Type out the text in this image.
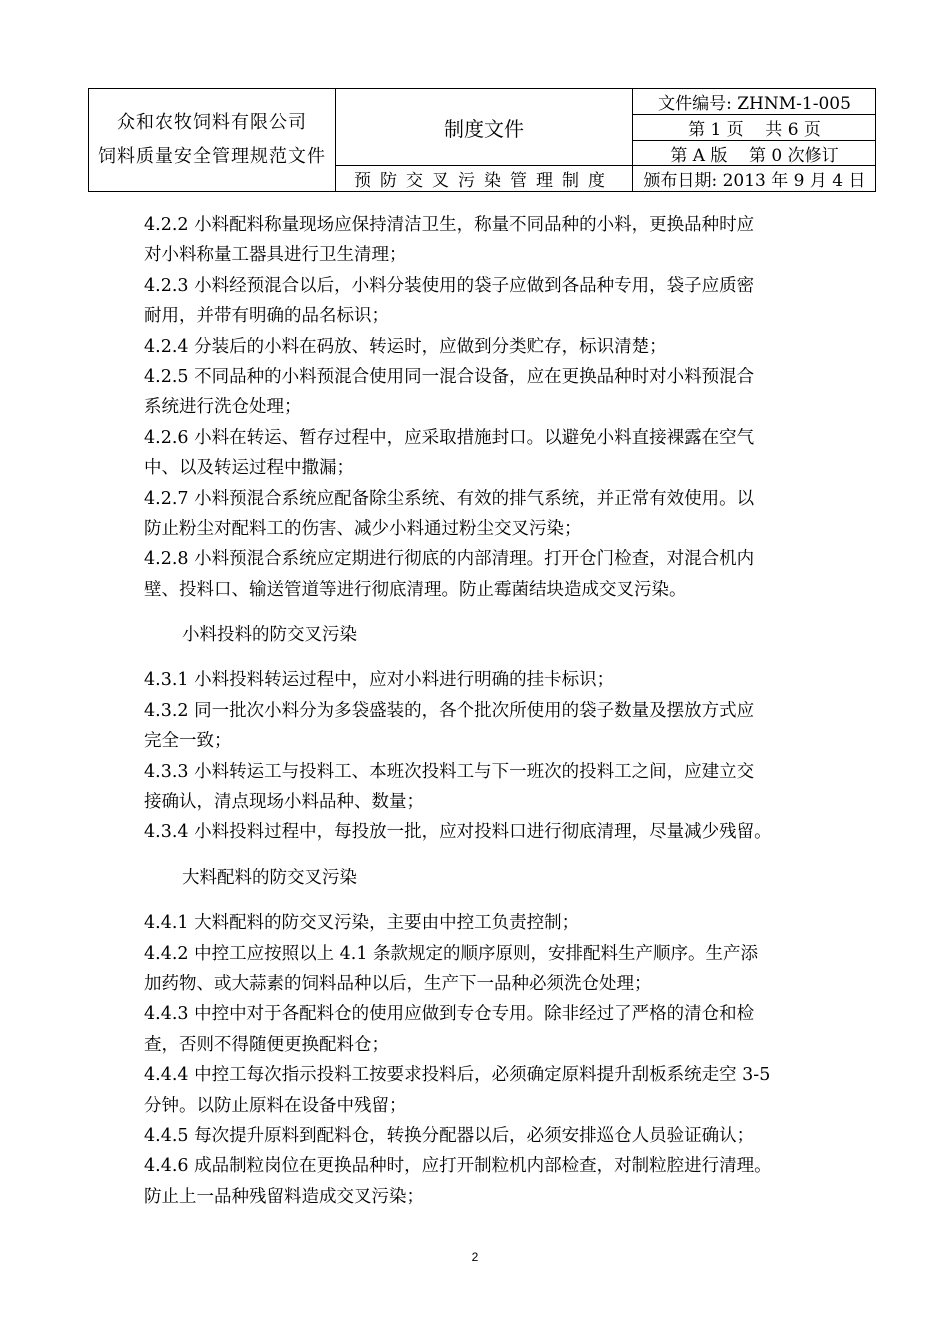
众和农牧饲料有限公司
饲料质量安全管理规范文件
制度文件
预防交叉污染管理制度
文件编号: ZHNM-1-005
第 1 页    共 6 页
第 A 版    第 0 次修订
颁布日期: 2013 年 9 月 4 日
4.2.2 小料配料称量现场应保持清洁卫生，称量不同品种的小料，更换品种时应
对小料称量工器具进行卫生清理；
4.2.3 小料经预混合以后，小料分装使用的袋子应做到各品种专用，袋子应质密
耐用，并带有明确的品名标识；
4.2.4 分装后的小料在码放、转运时，应做到分类贮存，标识清楚；
4.2.5 不同品种的小料预混合使用同一混合设备，应在更换品种时对小料预混合
系统进行洗仓处理；
4.2.6 小料在转运、暂存过程中，应采取措施封口。以避免小料直接裸露在空气
中、以及转运过程中撒漏；
4.2.7 小料预混合系统应配备除尘系统、有效的排气系统，并正常有效使用。以
防止粉尘对配料工的伤害、减少小料通过粉尘交叉污染；
4.2.8 小料预混合系统应定期进行彻底的内部清理。打开仓门检查，对混合机内
壁、投料口、输送管道等进行彻底清理。防止霉菌结块造成交叉污染。
小料投料的防交叉污染
4.3.1 小料投料转运过程中，应对小料进行明确的挂卡标识；
4.3.2 同一批次小料分为多袋盛装的，各个批次所使用的袋子数量及摆放方式应
完全一致；
4.3.3 小料转运工与投料工、本班次投料工与下一班次的投料工之间，应建立交
接确认，清点现场小料品种、数量；
4.3.4 小料投料过程中，每投放一批，应对投料口进行彻底清理，尽量减少残留。
大料配料的防交叉污染
4.4.1 大料配料的防交叉污染，主要由中控工负责控制；
4.4.2 中控工应按照以上 4.1 条款规定的顺序原则，安排配料生产顺序。生产添
加药物、或大蒜素的饲料品种以后，生产下一品种必须洗仓处理；
4.4.3 中控中对于各配料仓的使用应做到专仓专用。除非经过了严格的清仓和检
查，否则不得随便更换配料仓；
4.4.4 中控工每次指示投料工按要求投料后，必须确定原料提升刮板系统走空 3-5
分钟。以防止原料在设备中残留；
4.4.5 每次提升原料到配料仓，转换分配器以后，必须安排巡仓人员验证确认；
4.4.6 成品制粒岗位在更换品种时，应打开制粒机内部检查，对制粒腔进行清理。
防止上一品种残留料造成交叉污染；
2
